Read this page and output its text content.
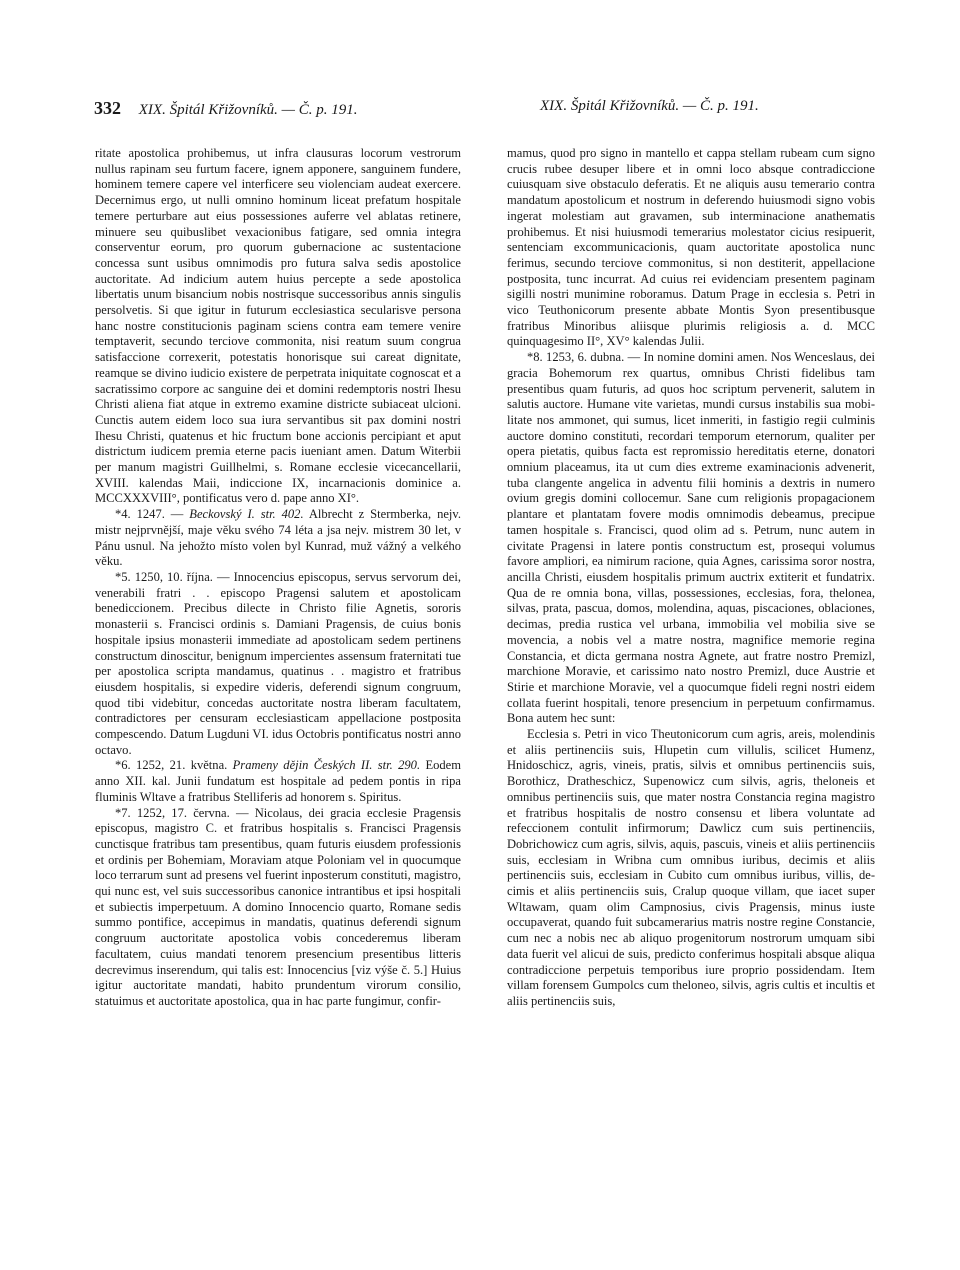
332 XIX. Špitál Křižovníků. — Č. p. 191.	XIX. Špitál Křižovníků. — Č. p. 191.

ritate apostolica prohibemus, ut infra clausuras locorum vestrorum nullus rapinam seu furtum facere, ignem apponere, sanguinem fundere, hominem temere capere vel interficere seu violenciam audeat exercere. Decernimus ergo, ut nulli omnino hominum liceat prefatum hospitale temere perturbare aut eius possessiones auferre vel ablatas retinere, minuere seu quibuslibet vexacionibus fatigare, sed omnia integra conserventur eorum, pro quorum gubernacione ac sustentacione concessa sunt usibus omnimodis pro futura salva sedis apostolice auctoritate. Ad indicium autem huius percepte a sede apostolica libertatis unum bisancium nobis nostrisque successoribus annis singulis persolvetis. Si que igitur in futurum ecclesiastica secularisve persona hanc nostre constitucionis paginam sciens contra eam temere venire temptaverit, secundo terciove commonita, nisi reatum suum congrua satisfaccione correxerit, potestatis honorisque sui careat dignitate, reamque se divino iudicio existere de perpetrata iniquitate cognoscat et a sacratissimo corpore ac sanguine dei et domini redemptoris nostri Ihesu Christi aliena fiat atque in extremo examine districte subiaceat ulcioni. Cunctis autem eidem loco sua iura servantibus sit pax domini nostri Ihesu Christi, quatenus et hic fructum bone accionis percipiant et aput districtum iudicem premia eterne pacis iueniant amen. Datum Witerbii per manum magistri Guillhelmi, s. Romane ecclesie vicecancellarii, XVIII. kalendas Maii, indiccione IX, incarnacionis dominice a. MCCXXXVIII°, pontificatus vero d. pape anno XI°.

*4. 1247. — Beckovský I. str. 402. Albrecht z Stermberka, nejv. mistr nejprvnější, maje věku svého 74 léta a jsa nejv. mistrem 30 let, v Pánu usnul. Na jehožto místo volen byl Kunrad, muž vážný a velkého věku.

*5. 1250, 10. října. — Innocencius episcopus, servus servorum dei, venerabili fratri . . episcopo Pragensi salutem et apostolicam benediccionem. Precibus dilecte in Christo filie Agnetis, sororis monasterii s. Francisci ordinis s. Damiani Pragensis, de cuius bonis hospitale ipsius monasterii immediate ad apostolicam sedem pertinens constructum dinoscitur, benignum impercientes assensum fraternitati tue per apostolica scripta mandamus, quatinus . . magistro et fratribus eiusdem hospitalis, si expedire videris, deferendi signum congruum, quod tibi videbitur, concedas auctoritate nostra liberam facultatem, contradictores per censuram ecclesiasticam appellacione postposita compescendo. Datum Lugduni VI. idus Octobris pontificatus nostri anno octavo.

*6. 1252, 21. května. Prameny dějin Českých II. str. 290. Eodem anno XII. kal. Junii fundatum est hospitale ad pedem pontis in ripa fluminis Wltave a fratribus Stelliferis ad honorem s. Spiritus.

*7. 1252, 17. června. — Nicolaus, dei gracia ecclesie Pragensis episcopus, magistro C. et fratribus hospitalis s. Francisci Pragensis cunctisque fratribus tam presentibus, quam futuris eiusdem professionis et ordinis per Bohemiam, Moraviam atque Poloniam vel in quocumque loco terrarum sunt ad presens vel fuerint inposterum constituti, magistro, qui nunc est, vel suis successoribus canonice intrantibus et ipsi hospitali et subiectis imperpetuum. A domino Innocencio quarto, Romane sedis summo pontifice, accepimus in mandatis, quatinus deferendi signum congruum auctoritate apostolica vobis concederemus liberam facultatem, cuius mandati tenorem presencium presentibus litteris decrevimus inserendum, qui talis est: Innocencius [viz výše č. 5.] Huius igitur auctoritate mandati, habito prundentum virorum consilio, statuimus et auctoritate apostolica, qua in hac parte fungimur, confir-

mamus, quod pro signo in mantello et cappa stellam rubeam cum signo crucis rubee desuper libere et in omni loco absque contradiccione cuiusquam sive obstaculo deferatis. Et ne aliquis ausu temerario contra mandatum apostolicum et nostrum in deferendo huiusmodi signo vobis ingerat molestiam aut gravamen, sub interminacione anathematis prohibemus. Et nisi huiusmodi temerarius molestator cicius resipuerit, sentenciam excommunicacionis, quam auctoritate apostolica nunc ferimus, secundo terciove commonitus, si non destiterit, appellacione postposita, tunc incurrat. Ad cuius rei evidenciam presentem paginam sigilli nostri munimine roboramus. Datum Prage in ecclesia s. Petri in vico Teuthonicorum presente abbate Montis Syon presentibusque fratribus Minoribus aliisque plurimis religiosis a. d. MCC quinquagesimo II°, XV° kalendas Julii.

*8. 1253, 6. dubna. — In nomine domini amen. Nos Wenceslaus, dei gracia Bohemorum rex quartus, omnibus Christi fidelibus tam presentibus quam futuris, ad quos hoc scriptum pervenerit, salutem in salutis auctore. Humane vite varietas, mundi cursus instabilis sua mobilitate nos ammonet, qui sumus, licet inmeriti, in fastigio regii culminis auctore domino constituti, recordari temporum eternorum, qualiter per opera pietatis, quibus facta est repromissio hereditatis eterne, donatori omnium placeamus, ita ut cum dies extreme examinacionis advenerit, tuba clangente angelica in adventu filii hominis a dextris in numero ovium gregis domini collocemur. Sane cum religionis propagacionem plantare et plantatam fovere modis omnimodis debeamus, precipue tamen hospitale s. Francisci, quod olim ad s. Petrum, nunc autem in civitate Pragensi in latere pontis constructum est, prosequi volumus favore ampliori, ea nimirum racione, quia Agnes, carissima soror nostra, ancilla Christi, eiusdem hospitalis primum auctrix extiterit et fundatrix. Qua de re omnia bona, villas, possessiones, ecclesias, fora, theloneа, silvas, prata, pascua, domos, molendina, aquas, piscaciones, oblaciones, decimas, predia rustica vel urbana, immobilia vel mobilia sive se movencia, a nobis vel a matre nostra, magnifice memorie regina Constancia, et dicta germana nostra Agnete, aut fratre nostro Premizl, marchione Moravie, et carissimo nato nostro Premizl, duce Austrie et Stirie et marchione Moravie, vel a quocumque fideli regni nostri eidem collata fuerint hospitali, tenore presencium in perpetuum confirmamus. Bona autem hec sunt:

Ecclesia s. Petri in vico Theutonicorum cum agris, areis, molendinis et aliis pertinenciis suis, Hlupetin cum villulis, scilicet Humenz, Hnidoschicz, agris, vineis, pratis, silvis et omnibus pertinenciis suis, Borothicz, Dratheschicz, Supenowicz cum silvis, agris, thelonеis et omnibus pertinenciis suis, que mater nostra Constancia regina magistro et fratribus hospitalis de nostro consensu et libera voluntate ad refeccionem contulit infirmorum; Dawlicz cum suis pertinenciis, Dobrichowicz cum agris, silvis, aquis, pascuis, vineis et aliis pertinenciis suis, ecclesiam in Wribna cum omnibus iuribus, decimis et aliis pertinenciis suis, ecclesiam in Cubito cum omnibus iuribus, villis, decimis et aliis pertinenciis suis, Cralup quoque villam, que iacet super Wltawam, quam olim Campnosius, civis Pragensis, minus iuste occupaverat, quando fuit subcamerarius matris nostre regine Constancie, cum nec a nobis nec ab aliquo progenitorum nostrorum umquam sibi data fuerit vel alicui de suis, predicto conferimus hospitali absque aliqua contradiccione perpetuis temporibus iure proprio possidendam. Item villam forensem Gumpolcs cum theloneo, silvis, agris cultis et incultis et aliis pertinenciis suis,
